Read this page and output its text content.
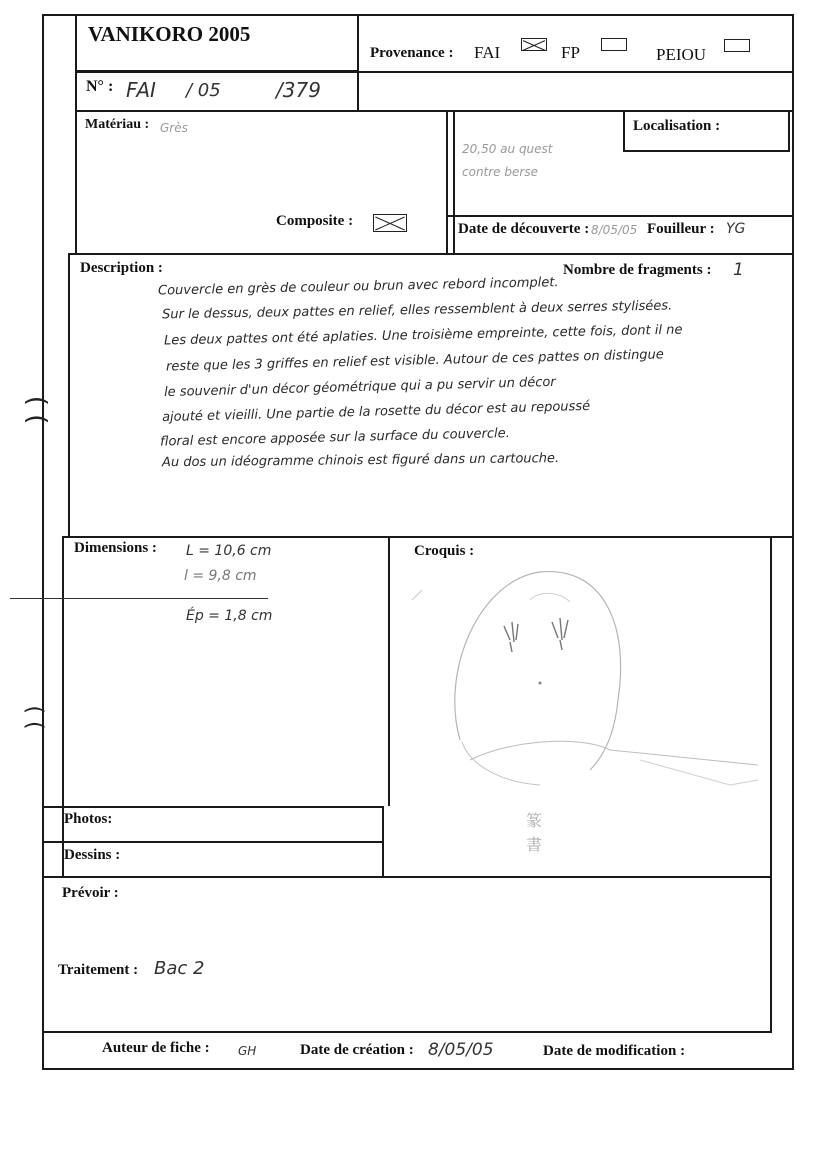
VANIKORO 2005
Provenance : FAI	FP	PEIOU
N° : FAI / 05	/379
Matériau : Grès
20,50 au quest
contre berse
Localisation :
Composite :	Date de découverte : 8/05/05 Fouilleur : YG
Description :	Nombre de fragments : 1
Couvercle en grès de couleur ou brun avec rebord incomplet.
Sur le dessus, deux pattes en relief, elles ressemblent à deux serres stylisées.
Les deux pattes ont été aplaties. Une troisième empreinte, cette fois, dont il ne
reste que les 3 griffes en relief est visible. Autour de ces pattes on distingue
le souvenir d'un décor géométrique qui a pu servir un décor
ajouté et vieilli. Une partie de la rosette du décor est au repoussé
floral est encore apposée sur la surface du couvercle.
Au dos un idéogramme chinois est figuré dans un cartouche.
Dimensions : L = 10,6 cm
l = 9,8 cm
Ép = 1,8 cm
Croquis :
篆
書
Photos:
Dessins :
Prévoir :
Traitement : Bac 2
Auteur de fiche : GH	Date de création : 8/05/05	Date de modification :
( (
( (
